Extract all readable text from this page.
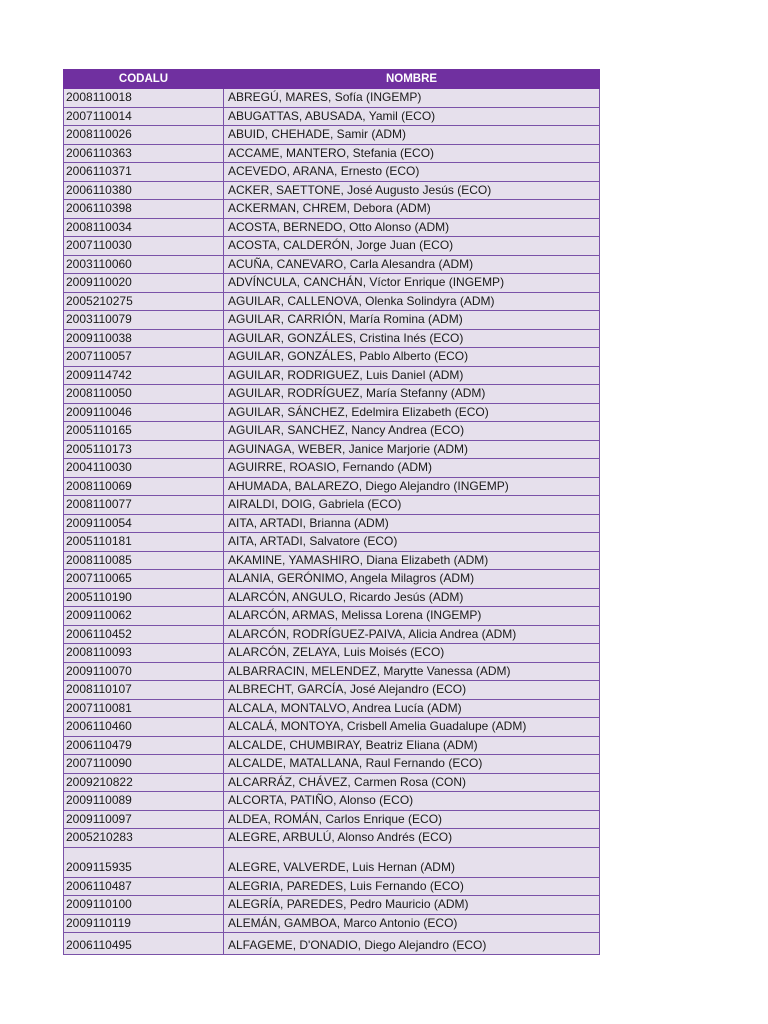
CODALU	NOMBRE
2008110018	ABREGÚ, MARES, Sofía (INGEMP)
2007110014	ABUGATTAS, ABUSADA, Yamil (ECO)
2008110026	ABUID, CHEHADE, Samir (ADM)
2006110363	ACCAME, MANTERO, Stefania (ECO)
2006110371	ACEVEDO, ARANA, Ernesto (ECO)
2006110380	ACKER, SAETTONE, José Augusto Jesús (ECO)
2006110398	ACKERMAN, CHREM, Debora (ADM)
2008110034	ACOSTA, BERNEDO, Otto Alonso (ADM)
2007110030	ACOSTA, CALDERÓN, Jorge Juan (ECO)
2003110060	ACUÑA, CANEVARO, Carla Alesandra (ADM)
2009110020	ADVÍNCULA, CANCHÁN, Víctor Enrique (INGEMP)
2005210275	AGUILAR, CALLENOVA, Olenka Solindyra (ADM)
2003110079	AGUILAR, CARRIÓN, María Romina (ADM)
2009110038	AGUILAR, GONZÁLES, Cristina Inés (ECO)
2007110057	AGUILAR, GONZÁLES, Pablo Alberto (ECO)
2009114742	AGUILAR, RODRIGUEZ, Luis Daniel (ADM)
2008110050	AGUILAR, RODRÍGUEZ, María Stefanny (ADM)
2009110046	AGUILAR, SÁNCHEZ, Edelmira Elizabeth (ECO)
2005110165	AGUILAR, SANCHEZ, Nancy Andrea (ECO)
2005110173	AGUINAGA, WEBER, Janice Marjorie (ADM)
2004110030	AGUIRRE, ROASIO, Fernando (ADM)
2008110069	AHUMADA, BALAREZO, Diego Alejandro (INGEMP)
2008110077	AIRALDI, DOIG, Gabriela (ECO)
2009110054	AITA, ARTADI, Brianna (ADM)
2005110181	AITA, ARTADI, Salvatore (ECO)
2008110085	AKAMINE, YAMASHIRO, Diana Elizabeth (ADM)
2007110065	ALANIA, GERÓNIMO, Angela Milagros (ADM)
2005110190	ALARCÓN, ANGULO, Ricardo Jesús (ADM)
2009110062	ALARCÓN, ARMAS, Melissa Lorena (INGEMP)
2006110452	ALARCÓN, RODRÍGUEZ-PAIVA, Alicia Andrea (ADM)
2008110093	ALARCÓN, ZELAYA, Luis Moisés (ECO)
2009110070	ALBARRACIN, MELENDEZ, Marytte Vanessa (ADM)
2008110107	ALBRECHT, GARCÍA, José Alejandro (ECO)
2007110081	ALCALA, MONTALVO, Andrea Lucía (ADM)
2006110460	ALCALÁ, MONTOYA, Crisbell Amelia Guadalupe (ADM)
2006110479	ALCALDE, CHUMBIRAY, Beatriz Eliana (ADM)
2007110090	ALCALDE, MATALLANA, Raul Fernando (ECO)
2009210822	ALCARRÁZ, CHÁVEZ, Carmen Rosa (CON)
2009110089	ALCORTA, PATIÑO, Alonso (ECO)
2009110097	ALDEA, ROMÁN, Carlos Enrique (ECO)
2005210283	ALEGRE, ARBULÚ, Alonso Andrés (ECO)
2009115935	ALEGRE, VALVERDE, Luis Hernan (ADM)
2006110487	ALEGRIA, PAREDES, Luis Fernando (ECO)
2009110100	ALEGRÍA, PAREDES, Pedro Mauricio (ADM)
2009110119	ALEMÁN, GAMBOA, Marco Antonio (ECO)
2006110495	ALFAGEME, D'ONADIO, Diego Alejandro (ECO)
